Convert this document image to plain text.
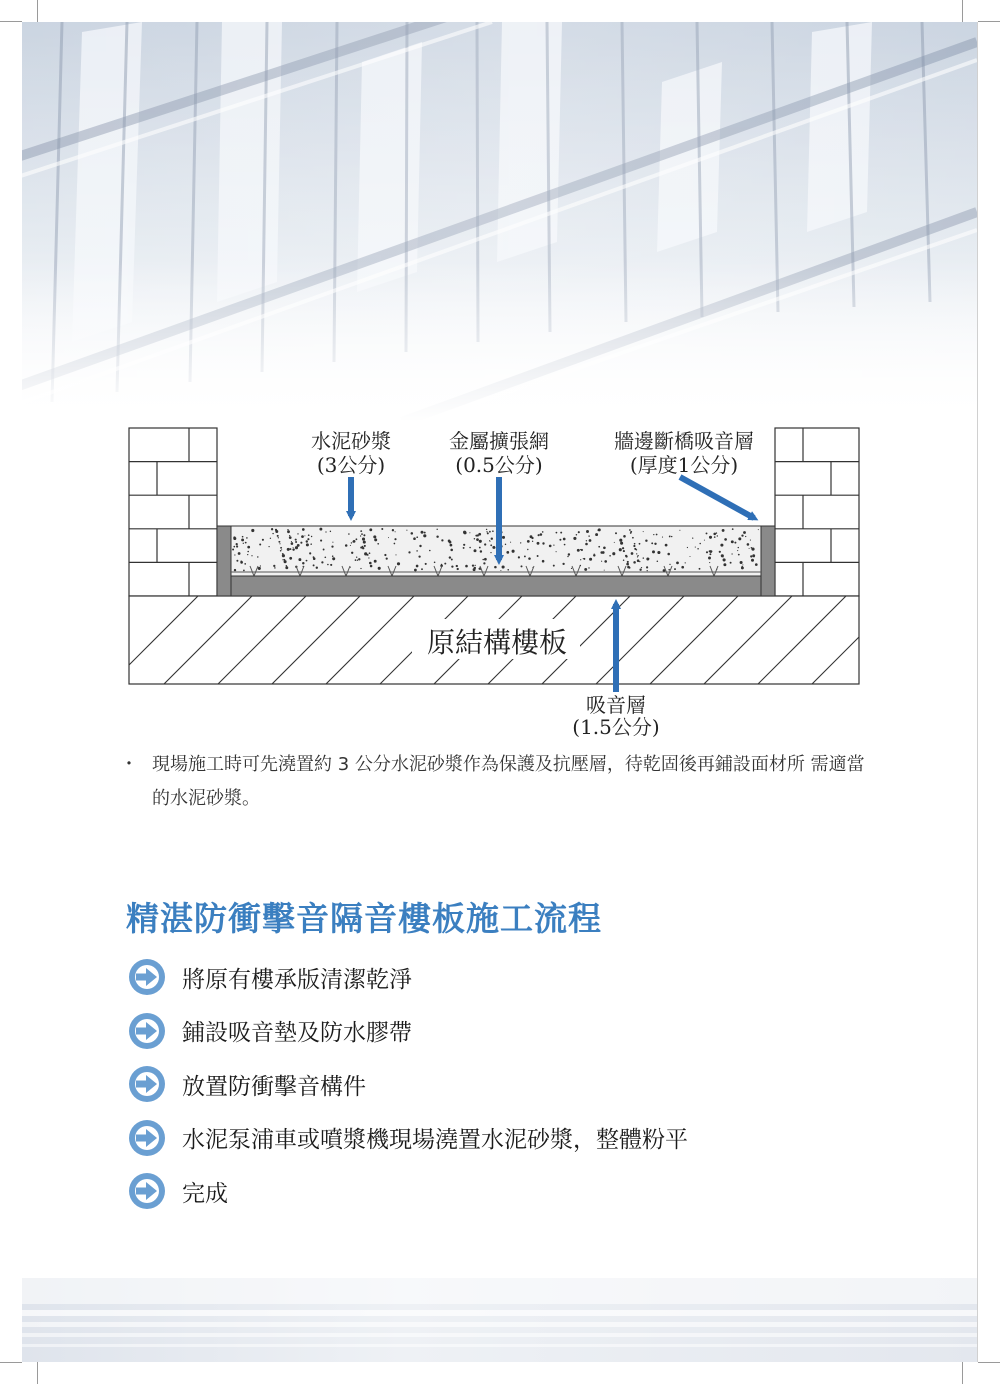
水泥砂漿
(3公分)
金屬擴張網
(0.5公分)
牆邊斷橋吸音層
(厚度1公分)
原結構樓板
吸音層
(1.5公分)
・ 現場施工時可先澆置約 3 公分水泥砂漿作為保護及抗壓層，待乾固後再鋪設面材所 需適當的水泥砂漿。
精湛防衝擊音隔音樓板施工流程
將原有樓承版清潔乾淨
鋪設吸音墊及防水膠帶
放置防衝擊音構件
水泥泵浦車或噴漿機現場澆置水泥砂漿，整體粉平
完成
